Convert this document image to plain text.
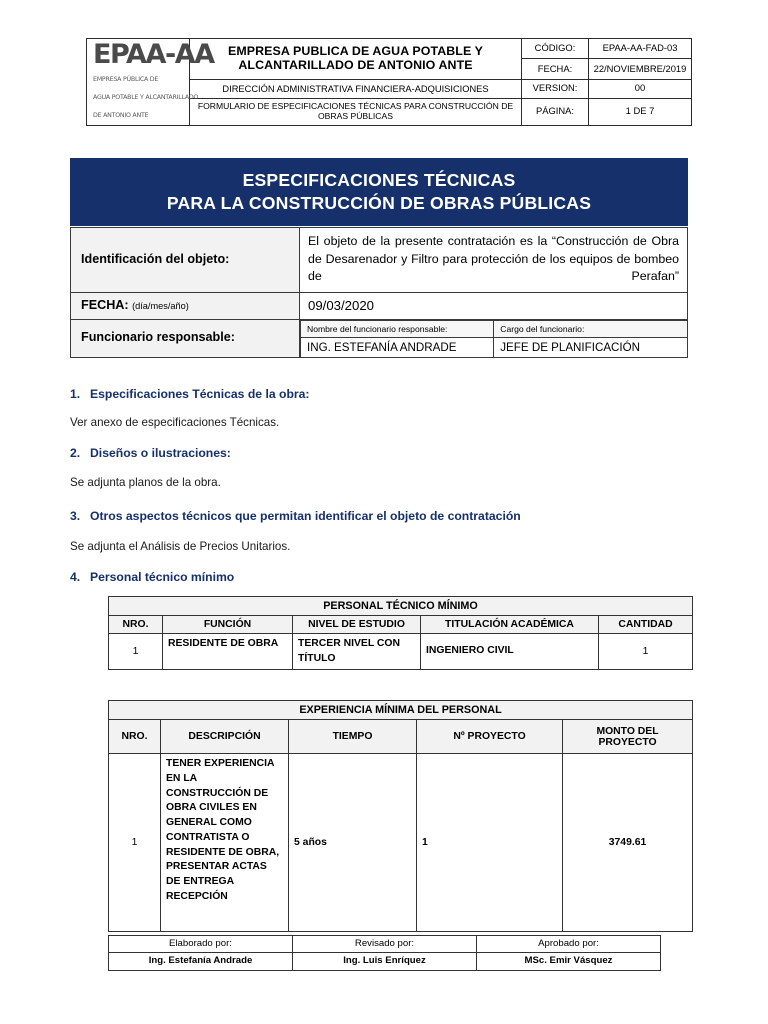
EPAA-AA EMPRESA PÚBLICA DE AGUA POTABLE Y ALCANTARILLADO DE ANTONIO ANTE	EMPRESA PUBLICA DE AGUA POTABLE Y ALCANTARILLADO DE ANTONIO ANTE	CÓDIGO:	EPAA-AA-FAD-03
		FECHA:	22/NOVIEMBRE/2019
	DIRECCIÓN ADMINISTRATIVA FINANCIERA-ADQUISICIONES	VERSION:	00
	FORMULARIO DE ESPECIFICACIONES TÉCNICAS PARA CONSTRUCCIÓN DE OBRAS PÚBLICAS	PÁGINA:	1 DE 7
ESPECIFICACIONES TÉCNICAS
PARA LA CONSTRUCCIÓN DE OBRAS PÚBLICAS
Identificación del objeto:	El objeto de la presente contratación es la “Construcción de Obra de Desarenador y Filtro para protección de los equipos de bombeo de Perafan”
FECHA: (día/mes/año)	09/03/2020
Funcionario responsable:	
Nombre del funcionario responsable:	Cargo del funcionario:
ING. ESTEFANÍA ANDRADE	JEFE DE PLANIFICACIÓN
1. Especificaciones Técnicas de la obra:
Ver anexo de especificaciones Técnicas.
2. Diseños o ilustraciones:
Se adjunta planos de la obra.
3. Otros aspectos técnicos que permitan identificar el objeto de contratación
Se adjunta el Análisis de Precios Unitarios.
4. Personal técnico mínimo
PERSONAL TÉCNICO MÍNIMO				
NRO.	FUNCIÓN	NIVEL DE ESTUDIO	TITULACIÓN ACADÉMICA	CANTIDAD
1	RESIDENTE DE OBRA	TERCER NIVEL CON TÍTULO	INGENIERO CIVIL	1
EXPERIENCIA MÍNIMA DEL PERSONAL				
NRO.	DESCRIPCIÓN	TIEMPO	Nº PROYECTO	MONTO DEL PROYECTO
1	TENER EXPERIENCIA EN LA CONSTRUCCIÓN DE OBRA CIVILES EN GENERAL COMO CONTRATISTA O RESIDENTE DE OBRA, PRESENTAR ACTAS DE ENTREGA RECEPCIÓN	5 años	1	3749.61
Elaborado por:	Revisado por:	Aprobado por:
Ing. Estefanía Andrade	Ing. Luis Enríquez	MSc. Emir Vásquez
